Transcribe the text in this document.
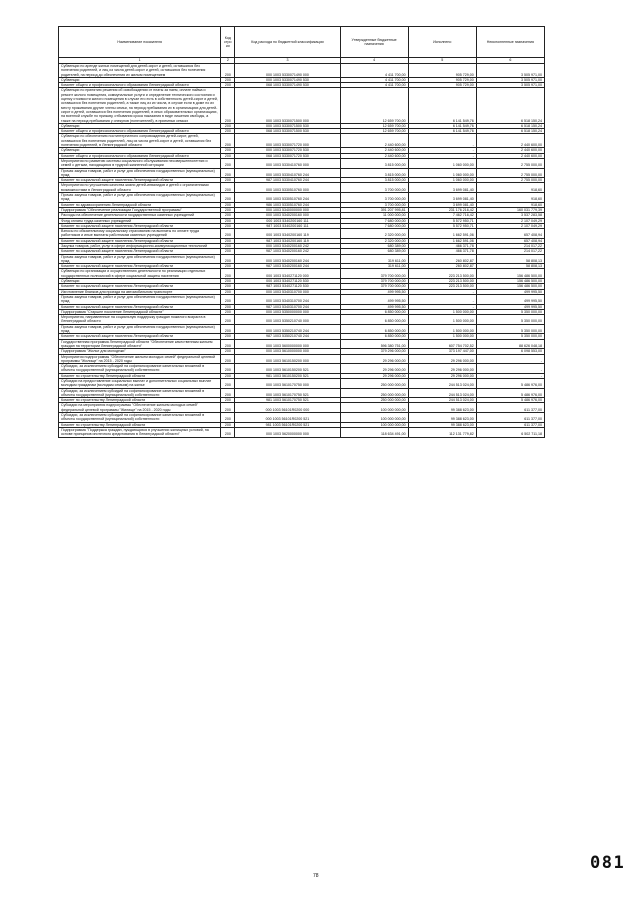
Наименование показателя	Код стро ки	Код расхода по бюджетной классификации	Утвержденные бюджетные назначения	Исполнено	Неисполненные назначения
1	2	3	4	5	6
Субвенции по аренде жилых помещений для детей-сирот и детей, оставшихся без попечения родителей, и лиц из числа детей-сирот и детей, оставшихся без попечения родителей, на период до обеспечения их жилым помещением	200	000 1003 5330071490 000	4 411 700,00	905 729,00	3 505 971,00
Субвенции	200	000 1003 5330071490 530	4 411 700,00	905 729,00	3 505 971,00
Комитет общего и профессионального образования Ленинградской области	200	068 1003 5330071490 530	4 411 700,00	905 729,00	3 505 971,00
Субвенции по принятию решения об освобождении от платы за наем, оплате найма и ремонт жилого помещения, коммунальные услуги и определение технического состояния и оценку стоимости жилого помещения в случае его есть в собственность детей-сирот и детей, оставшихся без попечения родителей, а также лиц из их числа, в случае если в доме по их месту проживания другие члены семьи, на период пребывания их в организациях для детей-сирот и детей, оставшихся без попечения родителей, в иных образовательных организациях, на военной службе по призыву, отбывания срока наказания в виде лишения свободы, а также на период пребывания у опекунов (попечителей), в приемных семьях	200	000 1003 5330071500 000	12 659 700,00	6 141 549,76	6 518 150,24
Субвенции	200	000 1003 5330071500 530	12 659 700,00	6 141 549,76	6 518 150,24
Комитет общего и профессионального образования Ленинградской области	200	068 1003 5330071500 530	12 659 700,00	6 141 549,76	6 518 150,24
Субвенции по обеспечению постинтернатного сопровождения детей-сирот, детей, оставшихся без попечения родителей, лиц из числа детей-сирот и детей, оставшихся без попечения родителей, в Ленинградской области	200	000 1003 5330071720 000	2 440 600,00	-	2 440 600,00
Субвенции	200	000 1003 5330071720 530	2 440 600,00	-	2 440 600,00
Комитет общего и профессионального образования Ленинградской области	200	068 1003 5330071720 530	2 440 600,00	-	2 440 600,00
Мероприятия по развитию системы социального обслуживания несовершеннолетних и семей с детьми, находящихся в трудной жизненной ситуации	200	000 1003 5330410760 000	3 815 000,00	1 060 000,00	2 755 000,00
Прочая закупка товаров, работ и услуг для обеспечения государственных (муниципальных) нужд	200	000 1003 5330410760 244	3 815 000,00	1 060 000,00	2 755 000,00
Комитет по социальной защите населения Ленинградской области	200	987 1003 5330410760 244	3 815 000,00	1 060 000,00	2 755 000,00
Мероприятия по улучшению качества жизни детей-инвалидов и детей с ограниченными возможностями в Ленинградской области	200	000 1003 5330510760 000	3 700 000,00	3 699 081,40	918,60
Прочая закупка товаров, работ и услуг для обеспечения государственных (муниципальных) нужд	200	000 1003 5330510760 244	3 700 000,00	3 699 081,40	918,60
Комитет по здравоохранению Ленинградской области	200	986 1003 5330510760 244	3 700 000,00	3 699 081,40	918,60
Подпрограмма "Обеспечение реализации Государственной программы"	200	000 1003 5340000000 000	391 207 995,81	231 176 216,42	160 031 779,39
Расходы на обеспечение деятельности государственных казенных учреждений	200	000 1003 5340200160 000	11 000 000,00	7 462 716,42	3 537 283,58
Фонд оплаты труда казенных учреждений	200	000 1003 5340200160 111	7 680 000,00	5 572 950,71	2 107 049,29
Комитет по социальной защите населения Ленинградской области	200	987 1003 5340200160 111	7 680 000,00	5 572 950,71	2 107 049,29
Взносы по обязательному социальному страхованию на выплаты по оплате труда работников и иные выплаты работникам казенных учреждений	200	000 1003 5340200160 119	2 320 000,00	1 662 591,06	657 408,94
Комитет по социальной защите населения Ленинградской области	200	987 1003 5340200160 119	2 320 000,00	1 662 591,06	657 408,94
Закупка товаров, работ, услуг в сфере информационно-коммуникационных технологий	200	000 1003 5340200160 242	680 389,00	466 371,78	214 017,22
Комитет по социальной защите населения Ленинградской области	200	987 1003 5340200160 242	680 389,00	466 371,78	214 017,22
Прочая закупка товаров, работ и услуг для обеспечения государственных (муниципальных) нужд	200	000 1003 5340200160 244	319 611,00	260 802,87	58 808,13
Комитет по социальной защите населения Ленинградской области	200	987 1003 5340200160 244	319 611,00	260 802,87	58 808,13
Субвенции по организации и осуществлению деятельности по реализации отдельных государственных полномочий в сфере социальной защиты населения	200	000 1003 5340271120 000	379 700 000,00	223 213 500,00	156 486 500,00
Субвенции	200	000 1003 5340271120 530	379 700 000,00	223 213 500,00	156 486 500,00
Комитет по социальной защите населения Ленинградской области	200	987 1003 5340271120 530	379 700 000,00	223 213 500,00	156 486 500,00
Изготовление бланков для проезда на автомобильном транспорте	200	000 1003 5340310700 000	499 995,50	-	499 995,50
Прочая закупка товаров, работ и услуг для обеспечения государственных (муниципальных) нужд	200	000 1003 5340310700 244	499 995,50	-	499 995,50
Комитет по социальной защите населения Ленинградской области	200	987 1003 5340310700 244	499 995,50	-	499 995,50
Подпрограмма "Старшее поколение Ленинградской области"	200	000 1003 5350000000 000	6 850 000,00	1 500 000,00	5 350 000,00
Мероприятия, направленные на социальную поддержку граждан пожилого возраста в Ленинградской области	200	000 1003 5350210740 000	6 850 000,00	1 500 000,00	5 350 000,00
Прочая закупка товаров, работ и услуг для обеспечения государственных (муниципальных) нужд	200	000 1003 5350210740 244	6 850 000,00	1 500 000,00	5 350 000,00
Комитет по социальной защите населения Ленинградской области	200	987 1003 5350210740 244	6 850 000,00	1 500 000,00	5 350 000,00
Государственная программа Ленинградской области "Обеспечение качественным жильем граждан на территории Ленинградской области"	200	000 1003 5600000000 000	596 380 751,00	607 754 702,52	88 626 048,18
Подпрограмма "Жилье для молодежи"	200	000 1003 5610000000 000	379 296 000,00	373 197 447,00	6 098 553,00
Мероприятия подпрограммы "Обеспечение жильем молодых семей" федеральной целевой программы "Жилище" на 2015 - 2020 годы	200	000 1003 5610150200 000	29 296 000,00	29 296 000,00	-
Субсидии, за исключением субсидий на софинансирование капитальных вложений в объекты государственной (муниципальной) собственности	200	000 1003 5610150200 521	29 296 000,00	29 296 000,00	-
Комитет по строительству Ленинградской области	200	981 1003 5610150200 521	29 296 000,00	29 296 000,00	-
Субсидии на предоставление социальных выплат и дополнительных социальных выплат молодым гражданам (молодым семьям) на жилье	200	000 1003 5610170750 000	250 000 000,00	244 513 024,00	5 486 976,00
Субсидии, за исключением субсидий на софинансирование капитальных вложений в объекты государственной (муниципальной) собственности	200	000 1003 5610170750 521	250 000 000,00	244 513 024,00	5 486 976,00
Комитет по строительству Ленинградской области	200	981 1003 5610170750 521	250 000 000,00	244 513 024,00	5 486 976,00
Субсидии на мероприятия подпрограммы "Обеспечение жильем молодых семей" федеральной целевой программы "Жилище" на 2015 - 2020 годы	200	000 1003 56101R0200 000	100 000 000,00	99 388 623,00	611 377,00
Субсидии, за исключением субсидий на софинансирование капитальных вложений в объекты государственной (муниципальной) собственности	200	000 1003 56101R0200 521	100 000 000,00	99 388 623,00	611 377,00
Комитет по строительству Ленинградской области	200	981 1003 56101R0200 521	100 000 000,00	99 388 623,00	611 377,00
Подпрограмма "Поддержка граждан, нуждающихся в улучшении жилищных условий, на основе принципов ипотечного кредитования в Ленинградской области"	200	000 1003 5620000000 000	118 634 491,00	112 131 779,82	6 502 711,18
78
081
